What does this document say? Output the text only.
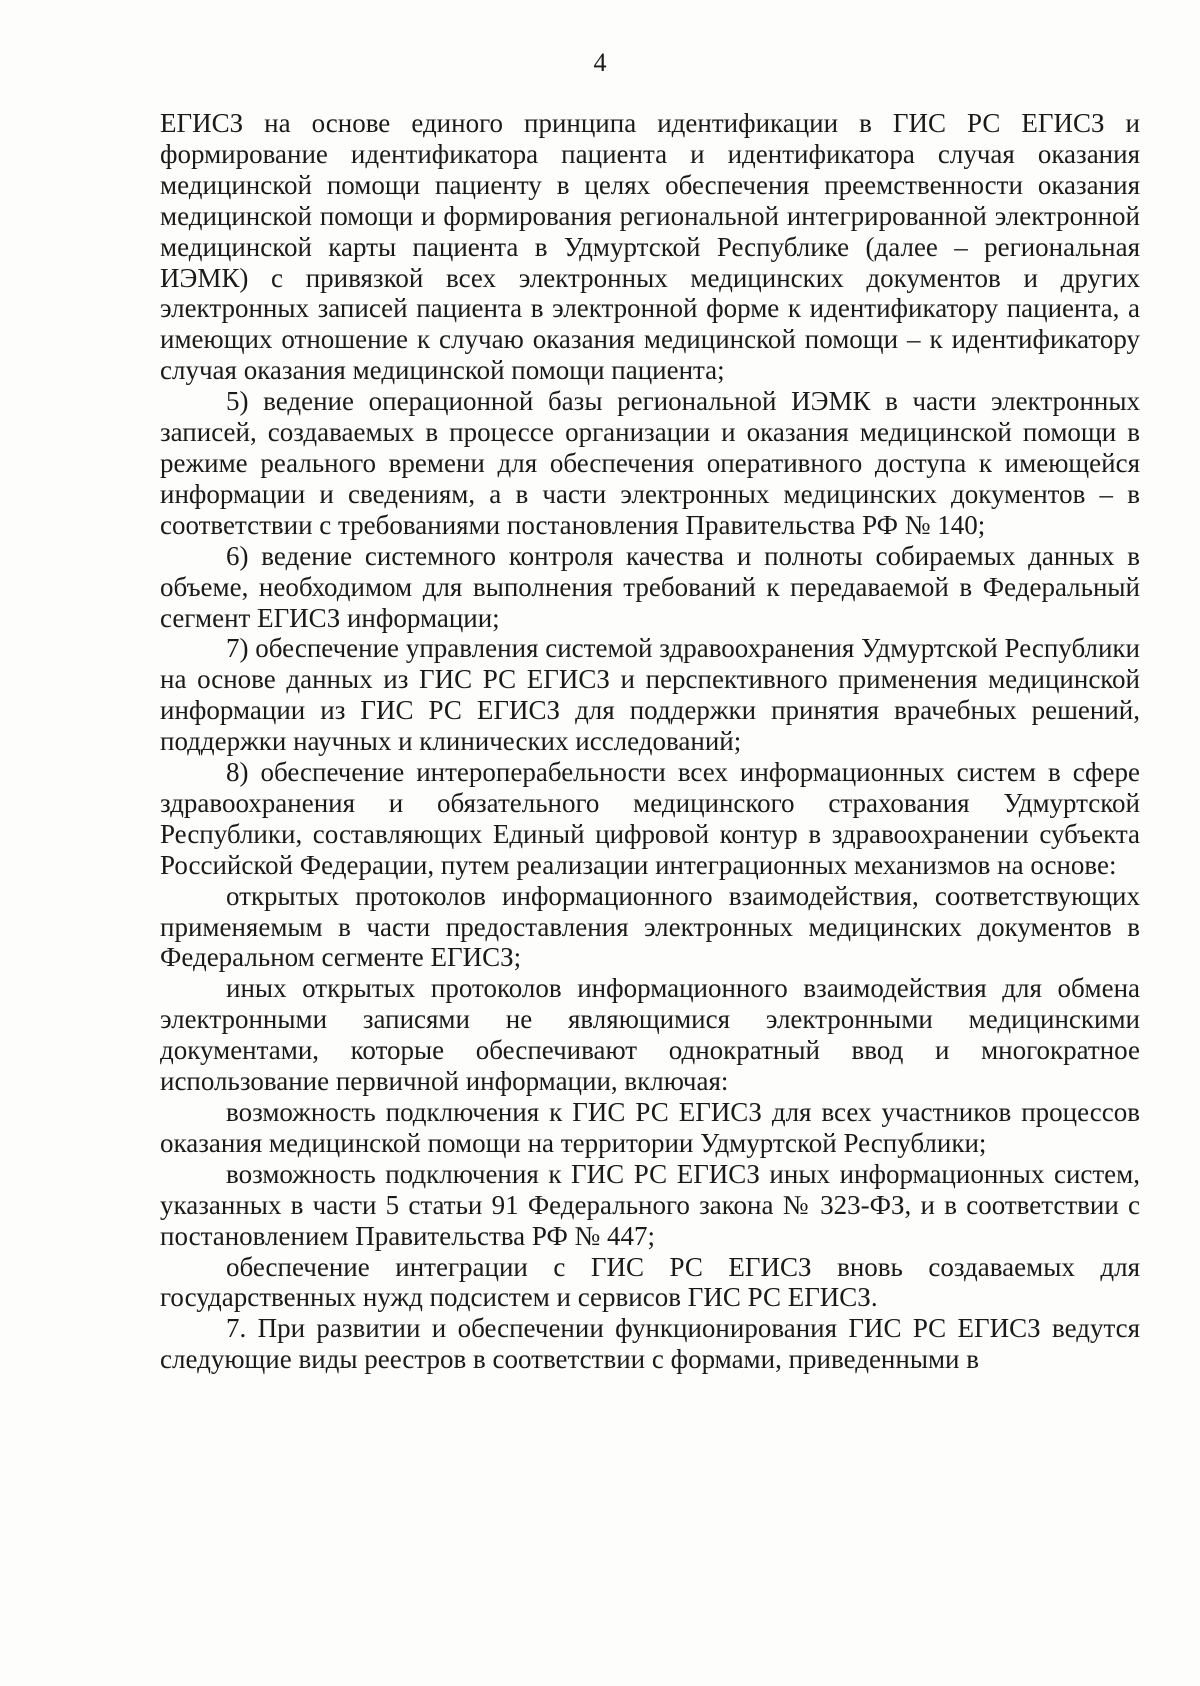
4

ЕГИСЗ на основе единого принципа идентификации в ГИС РС ЕГИСЗ и формирование идентификатора пациента и идентификатора случая оказания медицинской помощи пациенту в целях обеспечения преемственности оказания медицинской помощи и формирования региональной интегрированной электронной медицинской карты пациента в Удмуртской Республике (далее – региональная ИЭМК) с привязкой всех электронных медицинских документов и других электронных записей пациента в электронной форме к идентификатору пациента, а имеющих отношение к случаю оказания медицинской помощи – к идентификатору случая оказания медицинской помощи пациента;

5) ведение операционной базы региональной ИЭМК в части электронных записей, создаваемых в процессе организации и оказания медицинской помощи в режиме реального времени для обеспечения оперативного доступа к имеющейся информации и сведениям, а в части электронных медицинских документов – в соответствии с требованиями постановления Правительства РФ № 140;

6) ведение системного контроля качества и полноты собираемых данных в объеме, необходимом для выполнения требований к передаваемой в Федеральный сегмент ЕГИСЗ информации;

7) обеспечение управления системой здравоохранения Удмуртской Республики на основе данных из ГИС РС ЕГИСЗ и перспективного применения медицинской информации из ГИС РС ЕГИСЗ для поддержки принятия врачебных решений, поддержки научных и клинических исследований;

8) обеспечение интероперабельности всех информационных систем в сфере здравоохранения и обязательного медицинского страхования Удмуртской Республики, составляющих Единый цифровой контур в здравоохранении субъекта Российской Федерации, путем реализации интеграционных механизмов на основе:

открытых протоколов информационного взаимодействия, соответствующих применяемым в части предоставления электронных медицинских документов в Федеральном сегменте ЕГИСЗ;

иных открытых протоколов информационного взаимодействия для обмена электронными записями не являющимися электронными медицинскими документами, которые обеспечивают однократный ввод и многократное использование первичной информации, включая:

возможность подключения к ГИС РС ЕГИСЗ для всех участников процессов оказания медицинской помощи на территории Удмуртской Республики;

возможность подключения к ГИС РС ЕГИСЗ иных информационных систем, указанных в части 5 статьи 91 Федерального закона № 323-ФЗ, и в соответствии с постановлением Правительства РФ № 447;

обеспечение интеграции с ГИС РС ЕГИСЗ вновь создаваемых для государственных нужд подсистем и сервисов ГИС РС ЕГИСЗ.

7. При развитии и обеспечении функционирования ГИС РС ЕГИСЗ ведутся следующие виды реестров в соответствии с формами, приведенными в
